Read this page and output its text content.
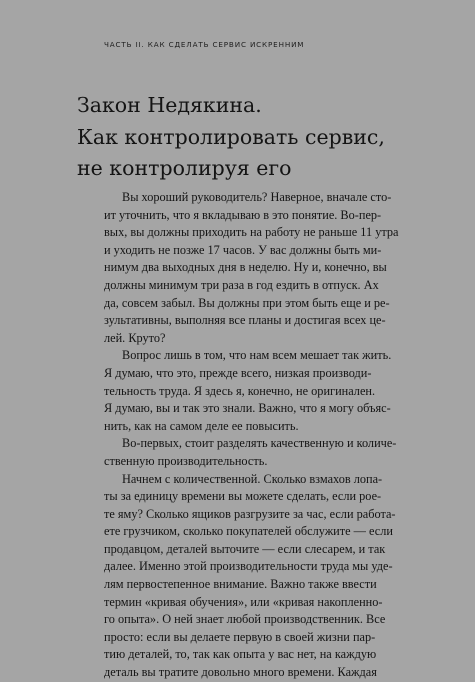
ЧАСТЬ II. КАК СДЕЛАТЬ СЕРВИС ИСКРЕННИМ
Закон Недякина.
Как контролировать сервис,
не контролируя его
Вы хороший руководитель? Наверное, вначале сто-
ит уточнить, что я вкладываю в это понятие. Во-пер-
вых, вы должны приходить на работу не раньше 11 утра
и уходить не позже 17 часов. У вас должны быть ми-
нимум два выходных дня в неделю. Ну и, конечно, вы
должны минимум три раза в год ездить в отпуск. Ах
да, совсем забыл. Вы должны при этом быть еще и ре-
зультативны, выполняя все планы и достигая всех це-
лей. Круто?
Вопрос лишь в том, что нам всем мешает так жить.
Я думаю, что это, прежде всего, низкая производи-
тельность труда. Я здесь я, конечно, не оригинален.
Я думаю, вы и так это знали. Важно, что я могу объяс-
нить, как на самом деле ее повысить.
Во-первых, стоит разделять качественную и количе-
ственную производительность.
Начнем с количественной. Сколько взмахов лопа-
ты за единицу времени вы можете сделать, если рое-
те яму? Сколько ящиков разгрузите за час, если работа-
ете грузчиком, сколько покупателей обслужите — если
продавцом, деталей выточите — если слесарем, и так
далее. Именно этой производительности труда мы уде-
лям первостепенное внимание. Важно также ввести
термин «кривая обучения», или «кривая накопленно-
го опыта». О ней знает любой производственник. Все
просто: если вы делаете первую в своей жизни пар-
тию деталей, то, так как опыта у вас нет, на каждую
деталь вы тратите довольно много времени. Каждая
